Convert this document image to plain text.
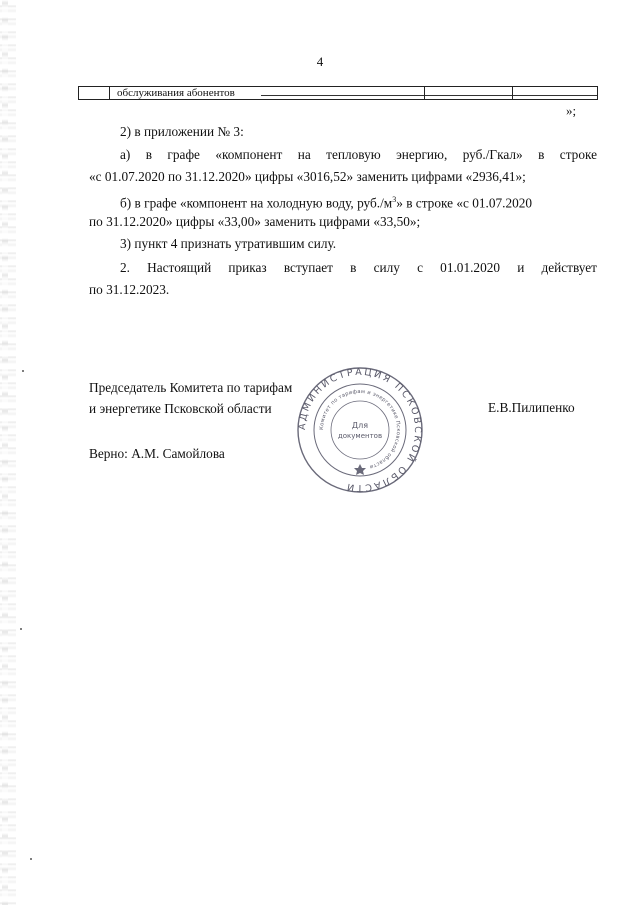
4
обслуживания абонентов
»;

2) в приложении № 3:

а) в графе «компонент на тепловую энергию, руб./Гкал» в строке

«с 01.07.2020 по 31.12.2020» цифры «3016,52» заменить цифрами «2936,41»;

б) в графе «компонент на холодную воду, $руб./м^3$» в строке «с 01.07.2020

по 31.12.2020» цифры «33,00» заменить цифрами «33,50»;

3) пункт 4 признать утратившим силу.

2. Настоящий приказ вступает в силу с 01.01.2020 и действует

по 31.12.2023.

Председатель Комитета по тарифам
и энергетике Псковской области	Е.В.Пилипенко
Верно: А.М. Самойлова
АДМИНИСТРАЦИЯ ПСКОВСКОЙ ОБЛАСТИ
Комитет по тарифам и энергетике Псковской области
Для
документов
